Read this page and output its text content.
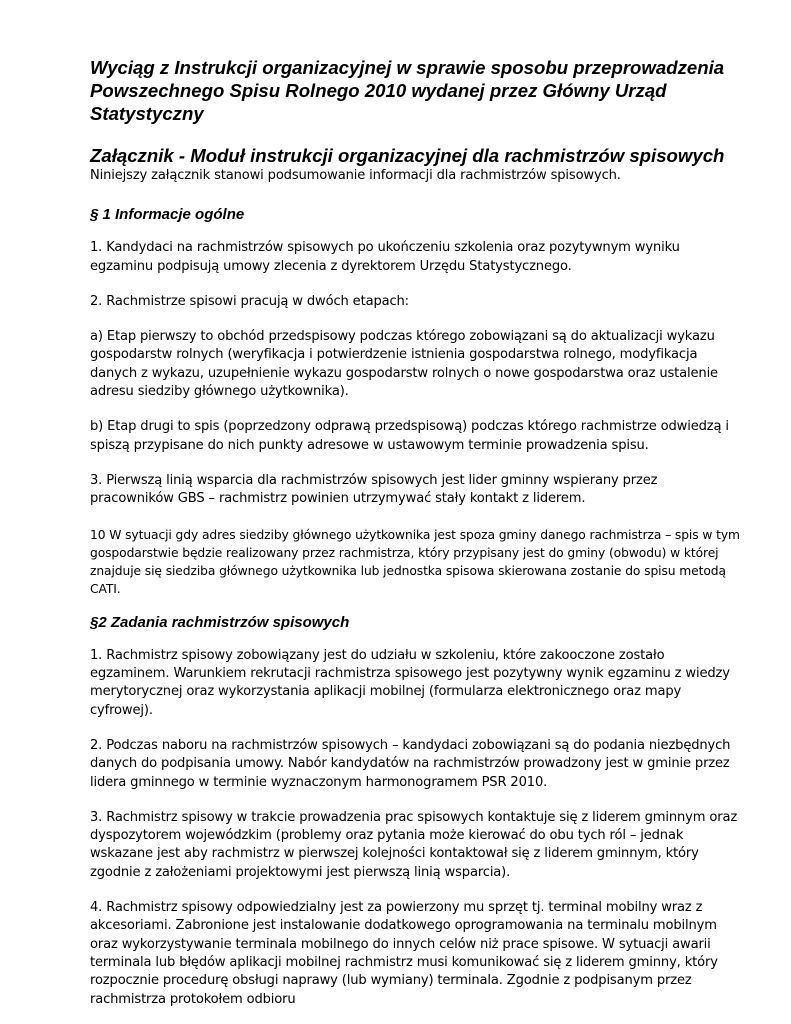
Wyciąg z Instrukcji organizacyjnej w sprawie sposobu przeprowadzenia Powszechnego Spisu Rolnego 2010 wydanej przez Główny Urząd Statystyczny
Załącznik - Moduł instrukcji organizacyjnej dla rachmistrzów spisowych

Niniejszy załącznik stanowi podsumowanie informacji dla rachmistrzów spisowych.

§ 1 Informacje ogólne

1. Kandydaci na rachmistrzów spisowych po ukończeniu szkolenia oraz pozytywnym wyniku egzaminu podpisują umowy zlecenia z dyrektorem Urzędu Statystycznego.

2. Rachmistrze spisowi pracują w dwóch etapach:

a) Etap pierwszy to obchód przedspisowy podczas którego zobowiązani są do aktualizacji wykazu gospodarstw rolnych (weryfikacja i potwierdzenie istnienia gospodarstwa rolnego, modyfikacja danych z wykazu, uzupełnienie wykazu gospodarstw rolnych o nowe gospodarstwa oraz ustalenie adresu siedziby głównego użytkownika).

b) Etap drugi to spis (poprzedzony odprawą przedspisową) podczas którego rachmistrze odwiedzą i spiszą przypisane do nich punkty adresowe w ustawowym terminie prowadzenia spisu.

3. Pierwszą linią wsparcia dla rachmistrzów spisowych jest lider gminny wspierany przez pracowników GBS – rachmistrz powinien utrzymywać stały kontakt z liderem.

10 W sytuacji gdy adres siedziby głównego użytkownika jest spoza gminy danego rachmistrza – spis w tym gospodarstwie będzie realizowany przez rachmistrza, który przypisany jest do gminy (obwodu) w której znajduje się siedziba głównego użytkownika lub jednostka spisowa skierowana zostanie do spisu metodą CATI.

§2 Zadania rachmistrzów spisowych

1. Rachmistrz spisowy zobowiązany jest do udziału w szkoleniu, które zakooczone zostało egzaminem. Warunkiem rekrutacji rachmistrza spisowego jest pozytywny wynik egzaminu z wiedzy merytorycznej oraz wykorzystania aplikacji mobilnej (formularza elektronicznego oraz mapy cyfrowej).

2. Podczas naboru na rachmistrzów spisowych – kandydaci zobowiązani są do podania niezbędnych danych do podpisania umowy. Nabór kandydatów na rachmistrzów prowadzony jest w gminie przez lidera gminnego w terminie wyznaczonym harmonogramem PSR 2010.

3. Rachmistrz spisowy w trakcie prowadzenia prac spisowych kontaktuje się z liderem gminnym oraz dyspozytorem wojewódzkim (problemy oraz pytania może kierować do obu tych ról – jednak wskazane jest aby rachmistrz w pierwszej kolejności kontaktował się z liderem gminnym, który zgodnie z założeniami projektowymi jest pierwszą linią wsparcia).

4. Rachmistrz spisowy odpowiedzialny jest za powierzony mu sprzęt tj. terminal mobilny wraz z akcesoriami. Zabronione jest instalowanie dodatkowego oprogramowania na terminalu mobilnym oraz wykorzystywanie terminala mobilnego do innych celów niż prace spisowe. W sytuacji awarii terminala lub błędów aplikacji mobilnej rachmistrz musi komunikować się z liderem gminny, który rozpocznie procedurę obsługi naprawy (lub wymiany) terminala. Zgodnie z podpisanym przez rachmistrza protokołem odbioru
